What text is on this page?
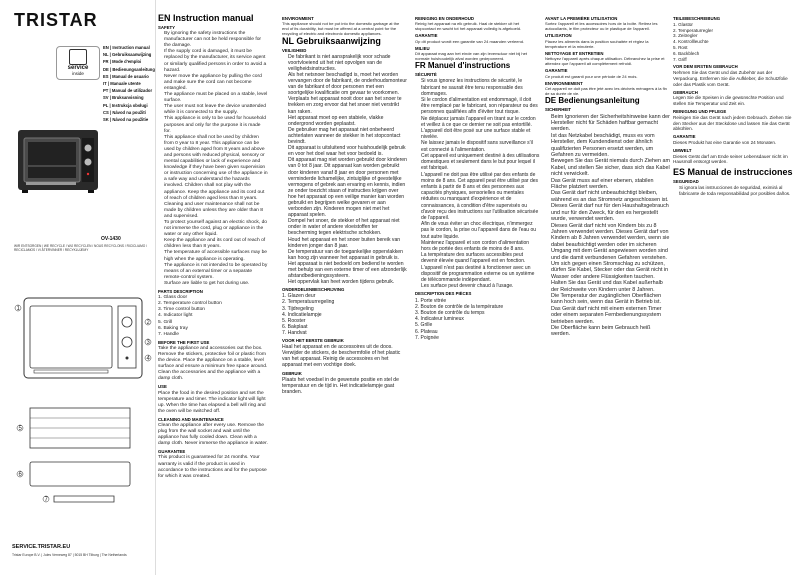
TRISTAR
service
inside
EN | Instruction manual
NL | Gebruiksaanwijzing
FR | Mode d'emploi
DE | Bedienungsanleitung
ES | Manual de usuario
IT | Manuale utente
PT | Manual de utilizador
SV | Bruksanvisning
PL | Instrukcja obsługi
CS | Návod na použití
SK | Návod na použitie
OV-1430
WIR ENTSORGEN / WE RECYCLE / WIJ RECYCLEN / NOUS RECYCLONS / RICICLIAMO / RECICLAMOS / VI ÅTERVINNER / RECYKLUJEMY
1
2
3
4
5
6
7
SERVICE.TRISTAR.EU
Tristar Europe B.V. | Jules Verneweg 87 | 5015 BH Tilburg | The Netherlands
EN Instruction manual
SAFETY
• By ignoring the safety instructions the manufacturer can not be held responsible for the damage.
• If the supply cord is damaged, it must be replaced by the manufacturer, its service agent or similarly qualified persons in order to avoid a hazard.
• Never move the appliance by pulling the cord and make sure the cord can not become entangled.
• The appliance must be placed on a stable, level surface.
• The user must not leave the device unattended while it is connected to the supply.
• This appliance is only to be used for household purposes and only for the purpose it is made for.
• This appliance shall not be used by children from 0 year to 8 year. This appliance can be used by children aged from 8 years and above and persons with reduced physical, sensory or mental capabilities or lack of experience and knowledge if they have been given supervision or instruction concerning use of the appliance in a safe way and understand the hazards involved. Children shall not play with the appliance. Keep the appliance and its cord out of reach of children aged less than 8 years. Cleaning and user maintenance shall not be made by children unless they are older than 8 and supervised.
• To protect yourself against an electric shock, do not immerse the cord, plug or appliance in the water or any other liquid.
• Keep the appliance and its cord out of reach of children less than 8 years.
• The temperature of accessible surfaces may be high when the appliance is operating.
• The appliance is not intended to be operated by means of an external timer or a separate remote-control system.
• Surface are liable to get hot during use.
PARTS DESCRIPTION
1. Glass door
2. Temperature control button
3. Time control button
4. Indicator light
5. Grill
6. Baking tray
7. Handle
BEFORE THE FIRST USE

Take the appliance and accessories out the box. Remove the stickers, protective foil or plastic from the device. Place the appliance on a stable, level surface and ensure a minimum free space around. Clean the accessories and the appliance with a damp cloth.

USE

Place the food in the desired position and set the temperature and timer. The indicator light will light up. When the time has elapsed a bell will ring and the oven will be switched off.

CLEANING AND MAINTENANCE

Clean the appliance after every use. Remove the plug from the wall socket and wait until the appliance has fully cooled down. Clean with a damp cloth. Never immerse the appliance in water.

GUARANTEE

This product is guaranteed for 24 months. Your warranty is valid if the product is used in accordance to the instructions and for the purpose for which it was created.

ENVIRONMENT

This appliance should not be put into the domestic garbage at the end of its durability, but must be offered at a central point for the recycling of electric and electronic domestic appliances.

NL Gebruiksaanwijzing
VEILIGHEID
• De fabrikant is niet aansprakelijk voor schade voortvloeiend uit het niet opvolgen van de veiligheidsinstructies.
• Als het netsnoer beschadigd is, moet het worden vervangen door de fabrikant, de onderhoudsmonteur van de fabrikant of door personen met een soortgelijke kwalificatie om gevaar te voorkomen.
• Verplaats het apparaat nooit door aan het snoer te trekken en zorg ervoor dat het snoer niet verstrikt kan raken.
• Het apparaat moet op een stabiele, vlakke ondergrond worden geplaatst.
• De gebruiker mag het apparaat niet onbeheerd achterlaten wanneer de stekker in het stopcontact bevindt.
• Dit apparaat is uitsluitend voor huishoudelijk gebruik en voor het doel waar het voor bedoeld is.
• Dit apparaat mag niet worden gebruikt door kinderen van 0 tot 8 jaar. Dit apparaat kan worden gebruikt door kinderen vanaf 8 jaar en door personen met verminderde lichamelijke, zintuiglijke of geestelijke vermogens of gebrek aan ervaring en kennis, indien ze onder toezicht staan of instructies krijgen over hoe het apparaat op een veilige manier kan worden gebruikt en begrijpen welke gevaren er aan verbonden zijn. Kinderen mogen niet met het apparaat spelen.
• Dompel het snoer, de stekker of het apparaat niet onder in water of andere vloeistoffen ter bescherming tegen elektrische schokken.
• Houd het apparaat en het snoer buiten bereik van kinderen jonger dan 8 jaar.
• De temperatuur van de toegankelijke oppervlakken kan hoog zijn wanneer het apparaat in gebruik is.
• Het apparaat is niet bedoeld om bediend te worden met behulp van een externe timer of een afzonderlijk afstandbedieningssysteem.
• Het oppervlak kan heet worden tijdens gebruik.
ONDERDELENBESCHRIJVING
1. Glazen deur
2. Temperatuurregeling
3. Tijdregeling
4. Indicatielampje
5. Rooster
6. Bakplaat
7. Handvat
VOOR HET EERSTE GEBRUIK

Haal het apparaat en de accessoires uit de doos. Verwijder de stickers, de beschermfolie of het plastic van het apparaat. Reinig de accessoires en het apparaat met een vochtige doek.

GEBRUIK

Plaats het voedsel in de gewenste positie en stel de temperatuur en de tijd in. Het indicatielampje gaat branden.

REINIGING EN ONDERHOUD

Reinig het apparaat na elk gebruik. Haal de stekker uit het stopcontact en wacht tot het apparaat volledig is afgekoeld.

GARANTIE

Op dit product wordt een garantie van 24 maanden verleend.

MILIEU

Dit apparaat mag aan het einde van zijn levensduur niet bij het normale huishoudelijk afval worden gedeponeerd.

FR Manuel d'instructions
SÉCURITÉ
• Si vous ignorez les instructions de sécurité, le fabricant ne saurait être tenu responsable des dommages.
• Si le cordon d'alimentation est endommagé, il doit être remplacé par le fabricant, son réparateur ou des personnes qualifiées afin d'éviter tout risque.
• Ne déplacez jamais l'appareil en tirant sur le cordon et veillez à ce que ce dernier ne soit pas entortillé.
• L'appareil doit être posé sur une surface stable et nivelée.
• Ne laissez jamais le dispositif sans surveillance s'il est connecté à l'alimentation.
• Cet appareil est uniquement destiné à des utilisations domestiques et seulement dans le but pour lequel il est fabriqué.
• L'appareil ne doit pas être utilisé par des enfants de moins de 8 ans. Cet appareil peut être utilisé par des enfants à partir de 8 ans et des personnes aux capacités physiques, sensorielles ou mentales réduites ou manquant d'expérience et de connaissances, à condition d'être supervisés ou d'avoir reçu des instructions sur l'utilisation sécurisée de l'appareil.
• Afin de vous éviter un choc électrique, n'immergez pas le cordon, la prise ou l'appareil dans de l'eau ou tout autre liquide.
• Maintenez l'appareil et son cordon d'alimentation hors de portée des enfants de moins de 8 ans.
• La température des surfaces accessibles peut devenir élevée quand l'appareil est en fonction.
• L'appareil n'est pas destiné à fonctionner avec un dispositif de programmation externe ou un système de télécommande indépendant.
• Les surface peut devenir chaud à l'usage.
DESCRIPTION DES PIÈCES
1. Porte vitrée
2. Bouton de contrôle de la température
3. Bouton de contrôle du temps
4. Indicateur lumineux
5. Grille
6. Plateau
7. Poignée
AVANT LA PREMIÈRE UTILISATION

Sortez l'appareil et les accessoires hors de la boîte. Retirez les autocollants, le film protecteur ou le plastique de l'appareil.

UTILISATION

Placez les aliments dans la position souhaitée et réglez la température et la minuterie.

NETTOYAGE ET ENTRETIEN

Nettoyez l'appareil après chaque utilisation. Débranchez la prise et attendez que l'appareil ait complètement refroidi.

GARANTIE

Ce produit est garanti pour une période de 24 mois.

ENVIRONNEMENT

Cet appareil ne doit pas être jeté avec les déchets ménagers à la fin de sa durée de vie.

DE Bedienungsanleitung
SICHERHEIT
• Beim Ignorieren der Sicherheitshinweise kann der Hersteller nicht für Schäden haftbar gemacht werden.
• Ist das Netzkabel beschädigt, muss es vom Hersteller, dem Kundendienst oder ähnlich qualifizierten Personen ersetzt werden, um Gefahren zu vermeiden.
• Bewegen Sie das Gerät niemals durch Ziehen am Kabel, und stellen Sie sicher, dass sich das Kabel nicht verwickelt.
• Das Gerät muss auf einer ebenen, stabilen Fläche platziert werden.
• Das Gerät darf nicht unbeaufsichtigt bleiben, während es an das Stromnetz angeschlossen ist.
• Dieses Gerät darf nur für den Haushaltsgebrauch und nur für den Zweck, für den es hergestellt wurde, verwendet werden.
• Dieses Gerät darf nicht von Kindern bis zu 8 Jahren verwendet werden. Dieses Gerät darf von Kindern ab 8 Jahren verwendet werden, wenn sie dabei beaufsichtigt werden oder im sicheren Umgang mit dem Gerät angewiesen worden sind und die damit verbundenen Gefahren verstehen.
• Um sich gegen einen Stromschlag zu schützen, dürfen Sie Kabel, Stecker oder das Gerät nicht in Wasser oder andere Flüssigkeiten tauchen.
• Halten Sie das Gerät und das Kabel außerhalb der Reichweite von Kindern unter 8 Jahren.
• Die Temperatur der zugänglichen Oberflächen kann hoch sein, wenn das Gerät in Betrieb ist.
• Das Gerät darf nicht mit einem externen Timer oder einem separaten Fernbedienungssystem betrieben werden.
• Die Oberfläche kann beim Gebrauch heiß werden.
TEILEBESCHREIBUNG
1. Glastür
2. Temperaturregler
3. Zeitregler
4. Kontrollleuchte
5. Rost
6. Backblech
7. Griff
VOR DEM ERSTEN GEBRAUCH

Nehmen Sie das Gerät und das Zubehör aus der Verpackung. Entfernen Sie die Aufkleber, die Schutzfolie oder das Plastik vom Gerät.

GEBRAUCH

Legen Sie die Speisen in die gewünschte Position und stellen Sie Temperatur und Zeit ein.

REINIGUNG UND PFLEGE

Reinigen Sie das Gerät nach jedem Gebrauch. Ziehen Sie den Stecker aus der Steckdose und lassen Sie das Gerät abkühlen.

GARANTIE

Dieses Produkt hat eine Garantie von 24 Monaten.

UMWELT

Dieses Gerät darf am Ende seiner Lebensdauer nicht im Hausmüll entsorgt werden.

ES Manual de instrucciones
SEGURIDAD
• Si ignora las instrucciones de seguridad, eximirá al fabricante de toda responsabilidad por posibles daños.
